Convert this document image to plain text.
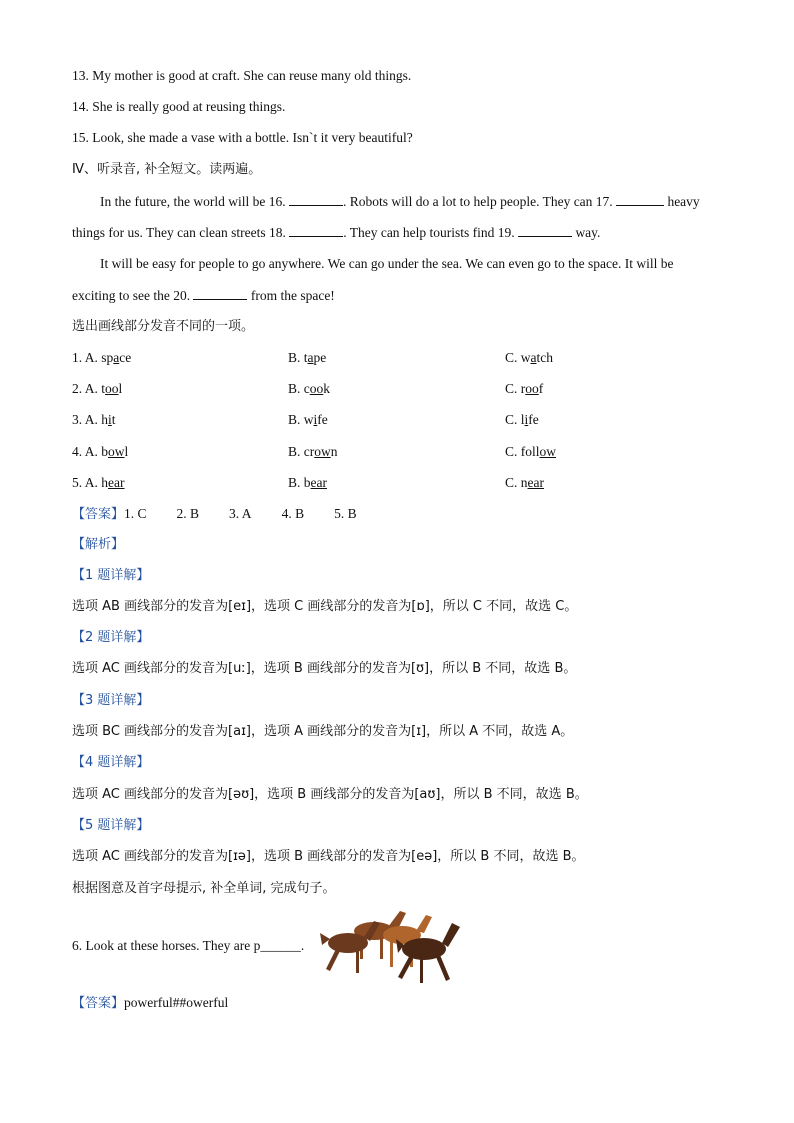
13. My mother is good at craft. She can reuse many old things.
14. She is really good at reusing things.
15. Look, she made a vase with a bottle. Isn`t it very beautiful?
Ⅳ、听录音, 补全短文。读两遍。
In the future, the world will be 16.	. Robots will do a lot to help people. They can 17.	heavy
things for us. They can clean streets 18.	. They can help tourists find 19.	way.
It will be easy for people to go anywhere. We can go under the sea. We can even go to the space. It will be
exciting to see the 20.	from the space!
选出画线部分发音不同的一项。
1. A. space	B. tape	C. watch
2. A. tool	B. cook	C. roof
3. A. hit	B. wife	C. life
4. A. bowl	B. crown	C. follow
5. A. hear	B. bear	C. near
【答案】1. C 2. B 3. A 4. B 5. B
【解析】
【1 题详解】
选项 AB 画线部分的发音为[eɪ]，选项 C 画线部分的发音为[ɒ]，所以 C 不同，故选 C。
【2 题详解】
选项 AC 画线部分的发音为[uː]，选项 B 画线部分的发音为[ʊ]，所以 B 不同，故选 B。
【3 题详解】
选项 BC 画线部分的发音为[aɪ]，选项 A 画线部分的发音为[ɪ]，所以 A 不同，故选 A。
【4 题详解】
选项 AC 画线部分的发音为[əʊ]，选项 B 画线部分的发音为[aʊ]，所以 B 不同，故选 B。
【5 题详解】
选项 AC 画线部分的发音为[ɪə]，选项 B 画线部分的发音为[eə]，所以 B 不同，故选 B。
根据图意及首字母提示, 补全单词, 完成句子。
6. Look at these horses. They are p______.
【答案】powerful##owerful
